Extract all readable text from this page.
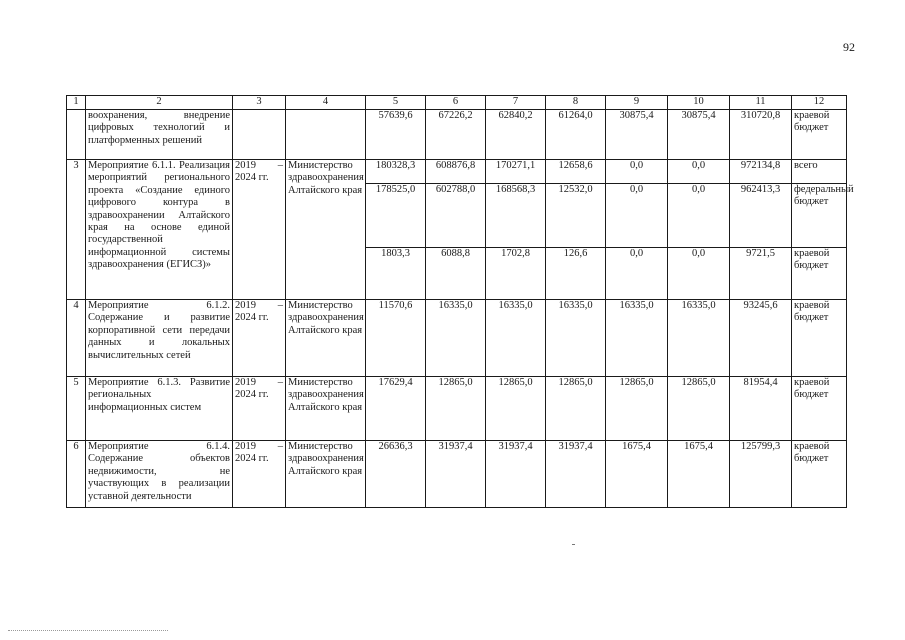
92
1	2	3	4	5	6	7	8	9	10	11	12
	воохранения, внедрение цифровых технологий и платформенных решений			57639,6	67226,2	62840,2	61264,0	30875,4	30875,4	310720,8	краевой бюджет
3	Мероприятие 6.1.1. Реализация мероприятий регионального проекта «Создание единого цифрового контура в здравоохранении Алтайского края на основе единой государственной информационной системы здравоохранения (ЕГИСЗ)»	2019 – 2024 гг.	Министерство здравоохранения Алтайского края	180328,3	608876,8	170271,1	12658,6	0,0	0,0	972134,8	всего
				178525,0	602788,0	168568,3	12532,0	0,0	0,0	962413,3	федеральный бюджет
				1803,3	6088,8	1702,8	126,6	0,0	0,0	9721,5	краевой бюджет
4	Мероприятие 6.1.2. Содержание и развитие корпоративной сети передачи данных и локальных вычислительных сетей	2019 – 2024 гг.	Министерство здравоохранения Алтайского края	11570,6	16335,0	16335,0	16335,0	16335,0	16335,0	93245,6	краевой бюджет
5	Мероприятие 6.1.3. Развитие региональных информационных систем	2019 – 2024 гг.	Министерство здравоохранения Алтайского края	17629,4	12865,0	12865,0	12865,0	12865,0	12865,0	81954,4	краевой бюджет
6	Мероприятие 6.1.4. Содержание объектов недвижимости, не участвующих в реализации уставной деятельности	2019 – 2024 гг.	Министерство здравоохранения Алтайского края	26636,3	31937,4	31937,4	31937,4	1675,4	1675,4	125799,3	краевой бюджет
